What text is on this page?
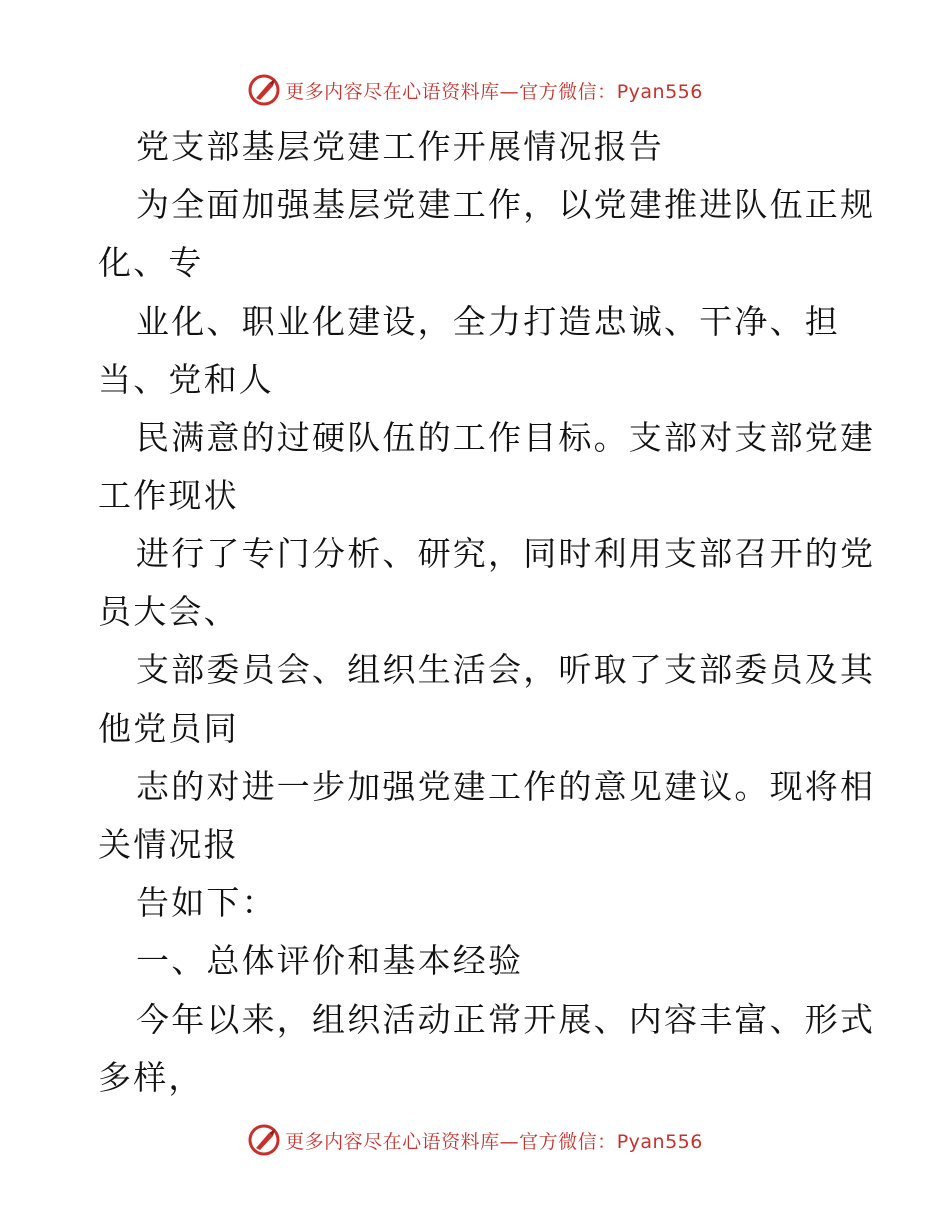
更多内容尽在心语资料库—官方微信：Pyan556
党支部基层党建工作开展情况报告
为全面加强基层党建工作，以党建推进队伍正规
化、专
业化、职业化建设，全力打造忠诚、干净、担
当、党和人
民满意的过硬队伍的工作目标。支部对支部党建
工作现状
进行了专门分析、研究，同时利用支部召开的党
员大会、
支部委员会、组织生活会，听取了支部委员及其
他党员同
志的对进一步加强党建工作的意见建议。现将相
关情况报
告如下：
一、总体评价和基本经验
今年以来，组织活动正常开展、内容丰富、形式
多样，
更多内容尽在心语资料库—官方微信：Pyan556
